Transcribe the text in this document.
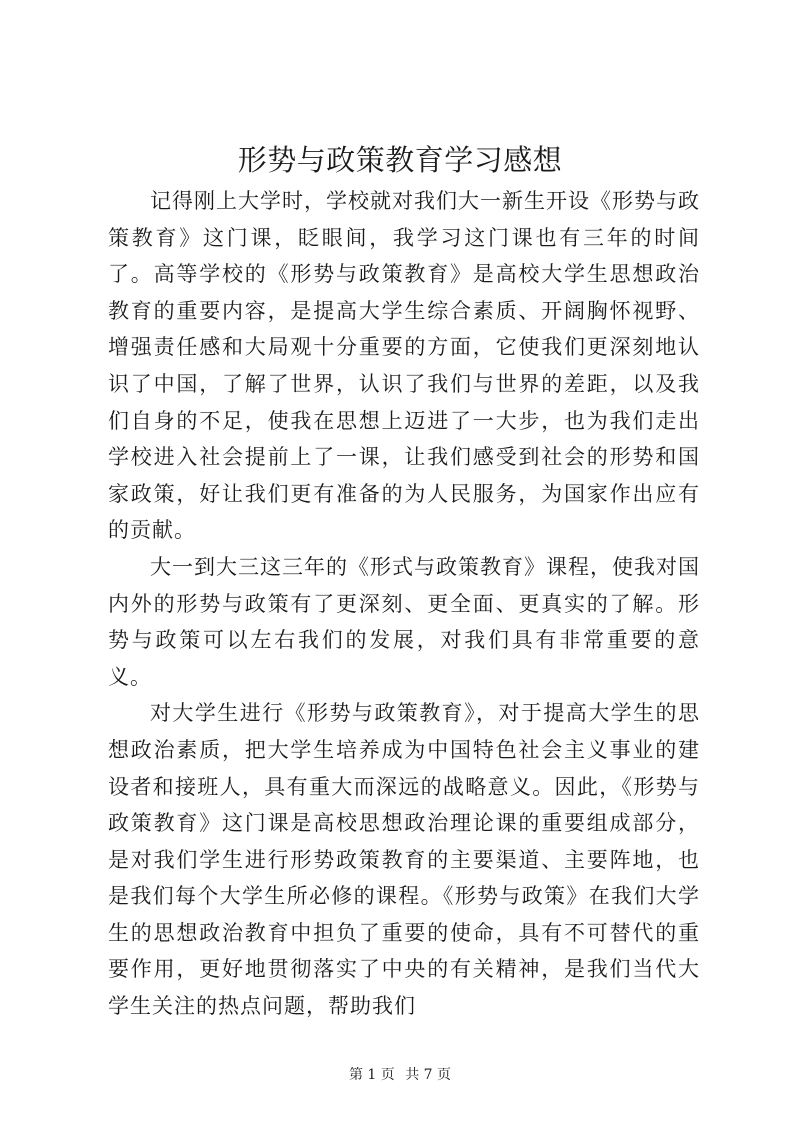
形势与政策教育学习感想

记得刚上大学时，学校就对我们大一新生开设《形势与政策教育》这门课，眨眼间，我学习这门课也有三年的时间了。高等学校的《形势与政策教育》是高校大学生思想政治教育的重要内容，是提高大学生综合素质、开阔胸怀视野、增强责任感和大局观十分重要的方面，它使我们更深刻地认识了中国，了解了世界，认识了我们与世界的差距，以及我们自身的不足，使我在思想上迈进了一大步，也为我们走出学校进入社会提前上了一课，让我们感受到社会的形势和国家政策，好让我们更有准备的为人民服务，为国家作出应有的贡献。

大一到大三这三年的《形式与政策教育》课程，使我对国内外的形势与政策有了更深刻、更全面、更真实的了解。形势与政策可以左右我们的发展，对我们具有非常重要的意义。

对大学生进行《形势与政策教育》，对于提高大学生的思想政治素质，把大学生培养成为中国特色社会主义事业的建设者和接班人，具有重大而深远的战略意义。因此，《形势与政策教育》这门课是高校思想政治理论课的重要组成部分，是对我们学生进行形势政策教育的主要渠道、主要阵地，也是我们每个大学生所必修的课程。《形势与政策》在我们大学生的思想政治教育中担负了重要的使命，具有不可替代的重要作用，更好地贯彻落实了中央的有关精神，是我们当代大学生关注的热点问题，帮助我们

第 1 页 共 7 页
